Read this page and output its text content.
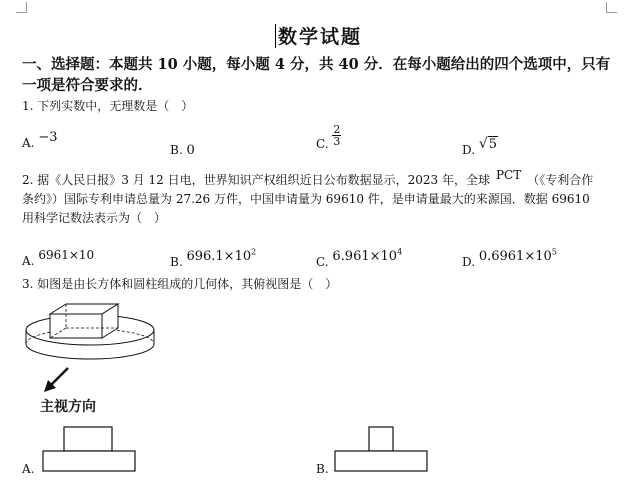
数学试题
一、选择题：本题共 10 小题，每小题 4 分，共 40 分．在每小题给出的四个选项中，只有一项是符合要求的．
1. 下列实数中，无理数是（　）
A. −3
B. 0	C. $\frac{2}{3}$
D. √5
2. 据《人民日报》3 月 12 日电，世界知识产权组织近日公布数据显示，2023 年，全球 PCT （《专利合作
条约》）国际专利申请总量为 27.26 万件，中国申请量为 69610 件，是申请量最大的来源国．数据 69610
用科学记数法表示为（　）
A. 6961×10
B. $696.1\times 10^2$
C. $6.961\times 10^4$
D. $0.6961\times 10^5$
3. 如图是由长方体和圆柱组成的几何体，其俯视图是（　）
主视方向
A.	B.
